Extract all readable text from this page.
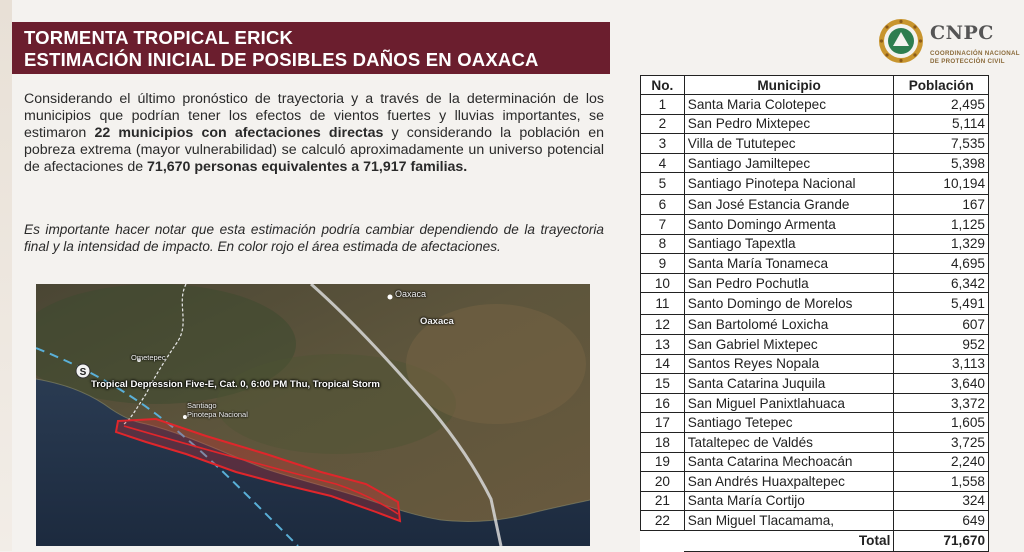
TORMENTA TROPICAL ERICK
ESTIMACIÓN INICIAL DE POSIBLES DAÑOS EN OAXACA
CNPC
COORDINACIÓN NACIONAL
DE PROTECCIÓN CIVIL
Considerando el último pronóstico de trayectoria y a través de la determinación de los municipios que podrían tener los efectos de vientos fuertes y lluvias importantes, se estimaron 22 municipios con afectaciones directas y considerando la población en pobreza extrema (mayor vulnerabilidad) se calculó aproximadamente un universo potencial de afectaciones de 71,670 personas equivalentes a 71,917 familias.
Es importante hacer notar que esta estimación podría cambiar dependiendo de la trayectoria final y la intensidad de impacto. En color rojo el área estimada de afectaciones.
S
Oaxaca
Oaxaca
Ometepec
Santiago
Pinotepa Nacional
Tropical Depression Five-E, Cat. 0, 6:00 PM Thu, Tropical Storm
No.	Municipio	Población
1	Santa Maria Colotepec	2,495
2	San Pedro Mixtepec	5,114
3	Villa de Tututepec	7,535
4	Santiago Jamiltepec	5,398
5	Santiago Pinotepa Nacional	10,194
6	San José Estancia Grande	167
7	Santo Domingo Armenta	1,125
8	Santiago Tapextla	1,329
9	Santa María Tonameca	4,695
10	San Pedro Pochutla	6,342
11	Santo Domingo de Morelos	5,491
12	San Bartolomé Loxicha	607
13	San Gabriel Mixtepec	952
14	Santos Reyes Nopala	3,113
15	Santa Catarina Juquila	3,640
16	San Miguel Panixtlahuaca	3,372
17	Santiago Tetepec	1,605
18	Tataltepec de Valdés	3,725
19	Santa Catarina Mechoacán	2,240
20	San Andrés Huaxpaltepec	1,558
21	Santa María Cortijo	324
22	San Miguel Tlacamama,	649
	Total	71,670
